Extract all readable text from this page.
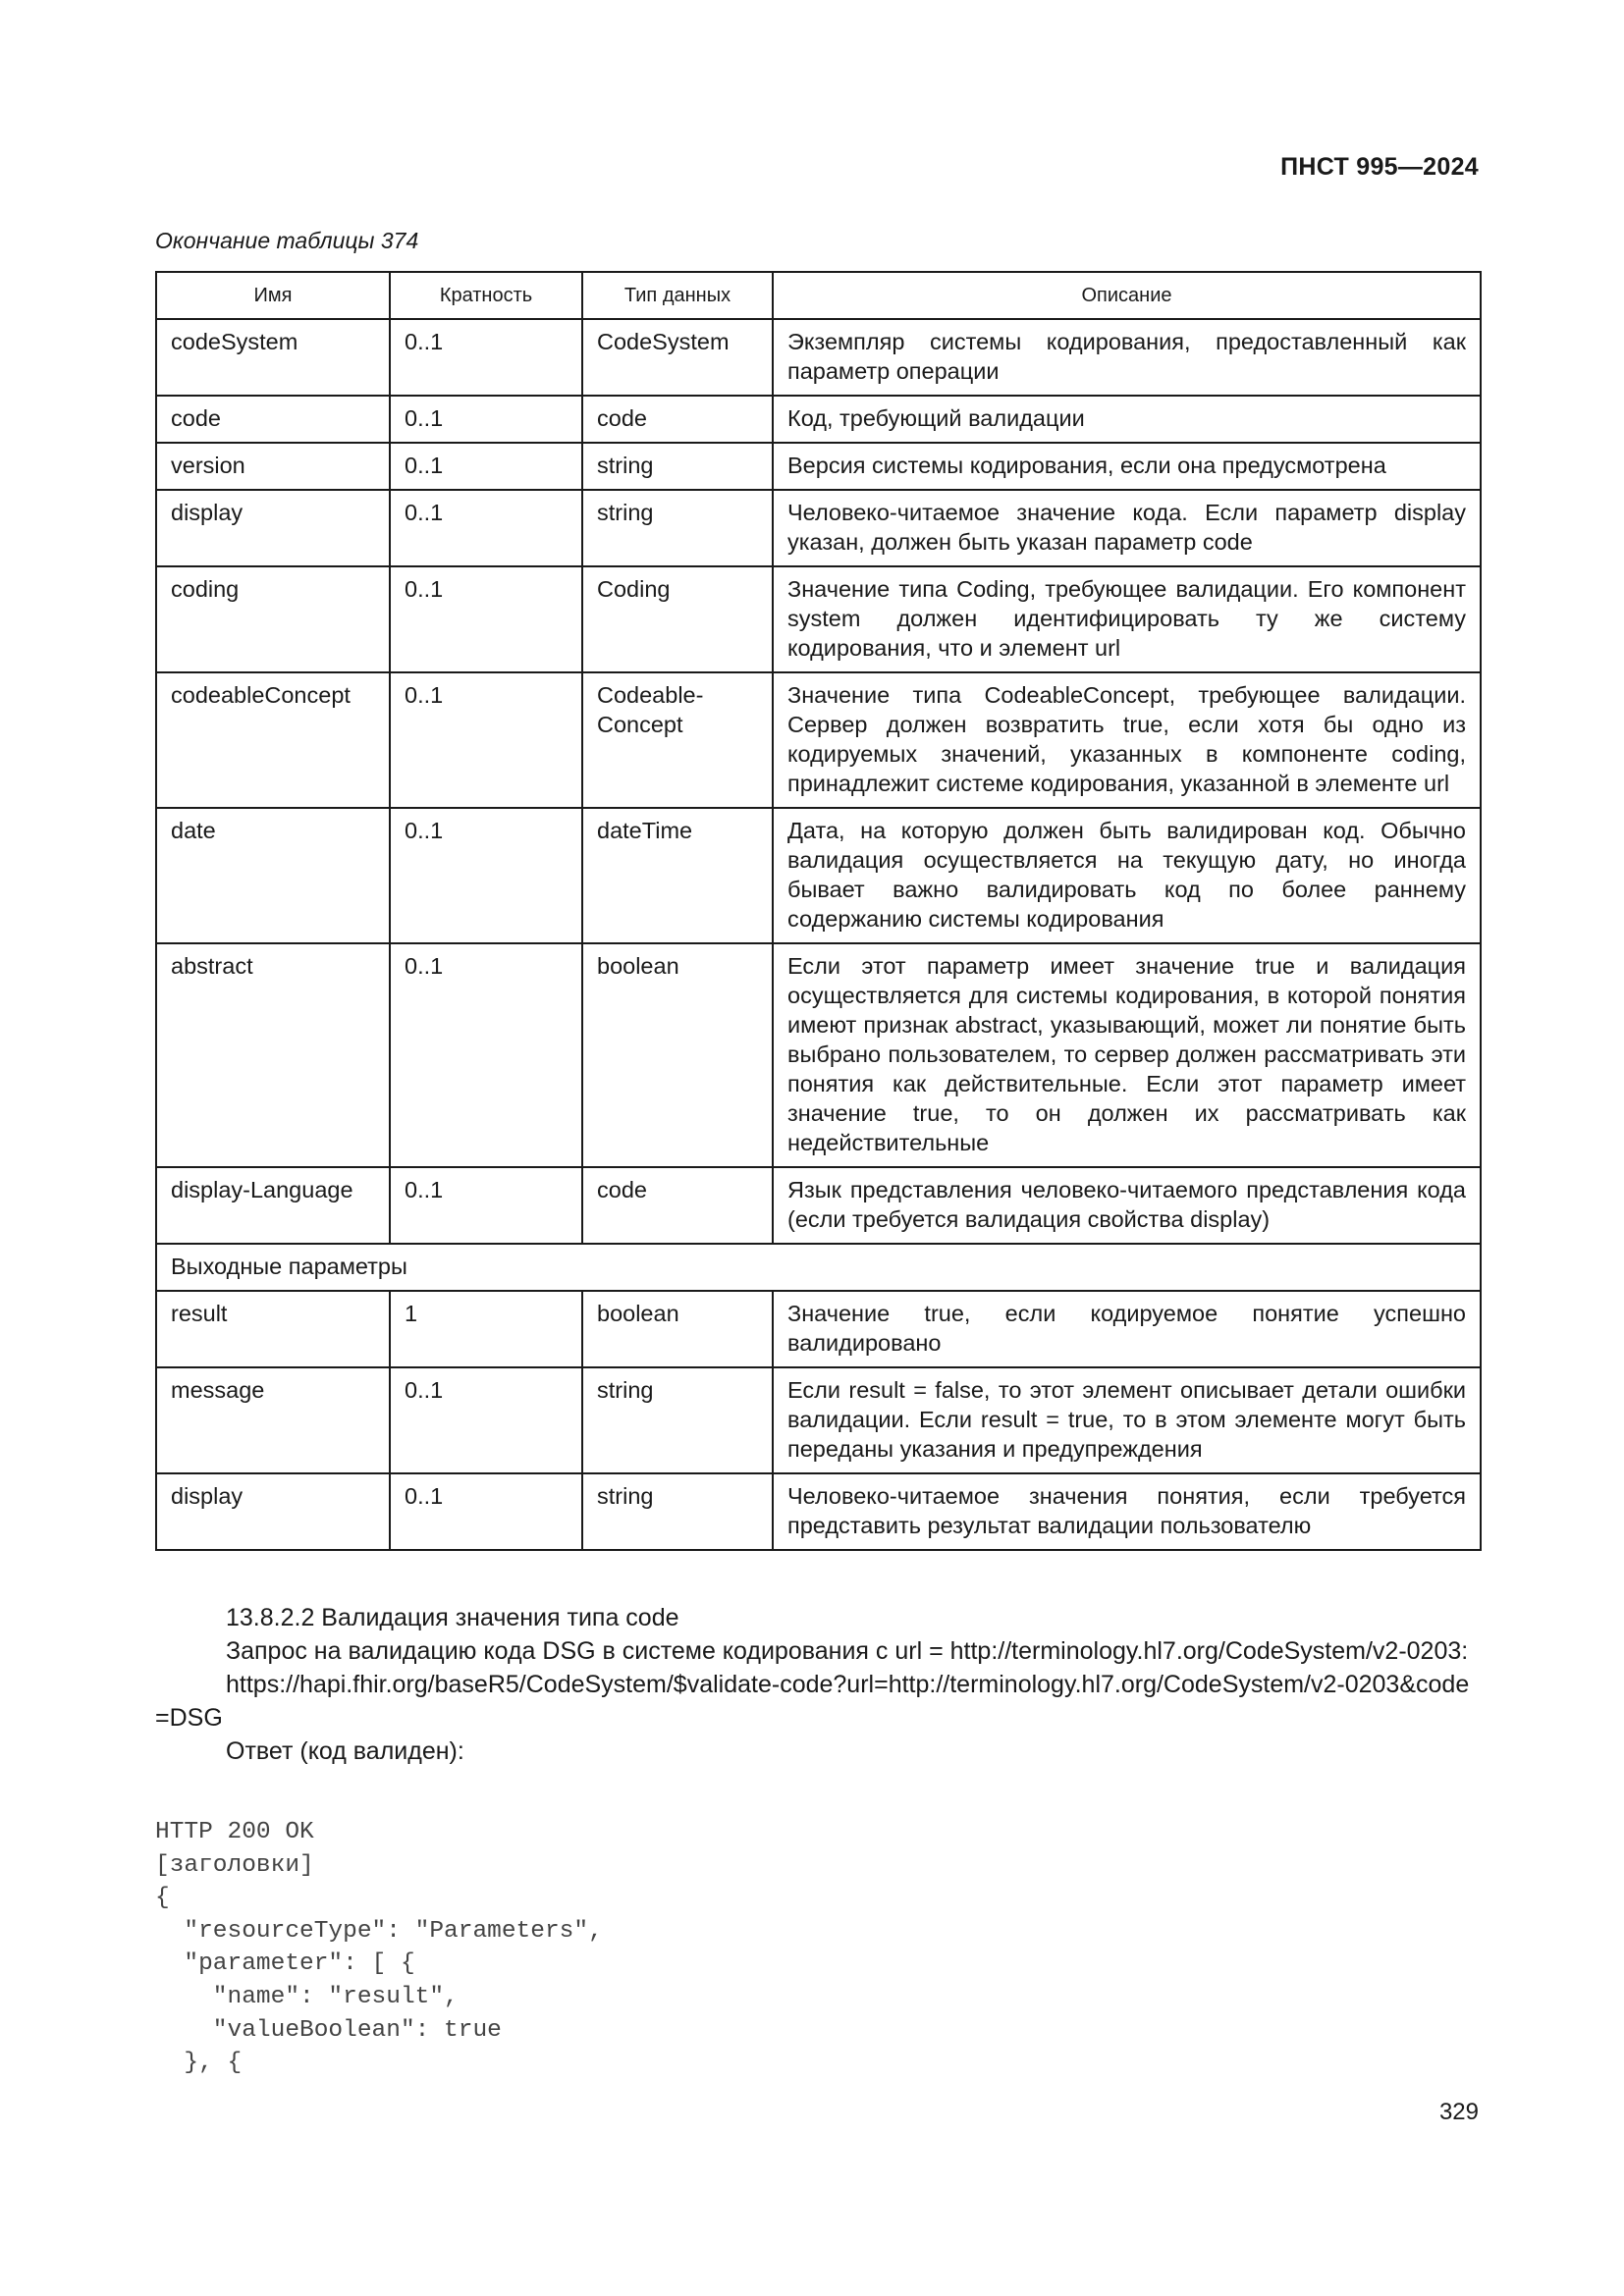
ПНСТ 995—2024
Окончание таблицы 374
Имя	Кратность	Тип данных	Описание
codeSystem	0..1	CodeSystem	Экземпляр системы кодирования, предоставленный как параметр операции
code	0..1	code	Код, требующий валидации
version	0..1	string	Версия системы кодирования, если она предусмотрена
display	0..1	string	Человеко-читаемое значение кода. Если параметр display указан, должен быть указан параметр code
coding	0..1	Coding	Значение типа Coding, требующее валидации. Его компонент system должен идентифицировать ту же систему кодирования, что и элемент url
codeableConcept	0..1	Codeable-Concept	Значение типа CodeableConcept, требующее валидации. Сервер должен возвратить true, если хотя бы одно из кодируемых значений, указанных в компоненте coding, принадлежит системе кодирования, указанной в элементе url
date	0..1	dateTime	Дата, на которую должен быть валидирован код. Обычно валидация осуществляется на текущую дату, но иногда бывает важно валидировать код по более раннему содержанию системы кодирования
abstract	0..1	boolean	Если этот параметр имеет значение true и валидация осуществляется для системы кодирования, в которой понятия имеют признак abstract, указывающий, может ли понятие быть выбрано пользователем, то сервер должен рассматривать эти понятия как действительные. Если этот параметр имеет значение true, то он должен их рассматривать как недействительные
display-Language	0..1	code	Язык представления человеко-читаемого представления кода (если требуется валидация свойства display)
Выходные параметры			
result	1	boolean	Значение true, если кодируемое понятие успешно валидировано
message	0..1	string	Если result = false, то этот элемент описывает детали ошибки валидации. Если result = true, то в этом элементе могут быть переданы указания и предупреждения
display	0..1	string	Человеко-читаемое значения понятия, если требуется представить результат валидации пользователю

13.8.2.2 Валидация значения типа code

Запрос на валидацию кода DSG в системе кодирования с url = http://terminology.hl7.org/CodeSystem/v2-0203:

https://hapi.fhir.org/baseR5/CodeSystem/$validate-code?url=http://terminology.hl7.org/CodeSystem/v2-0203&code=DSG

Ответ (код валиден):

HTTP 200 OK
[заголовки]
{
"resourceType": "Parameters",
"parameter": [ {
"name": "result",
"valueBoolean": true
}, {
329
